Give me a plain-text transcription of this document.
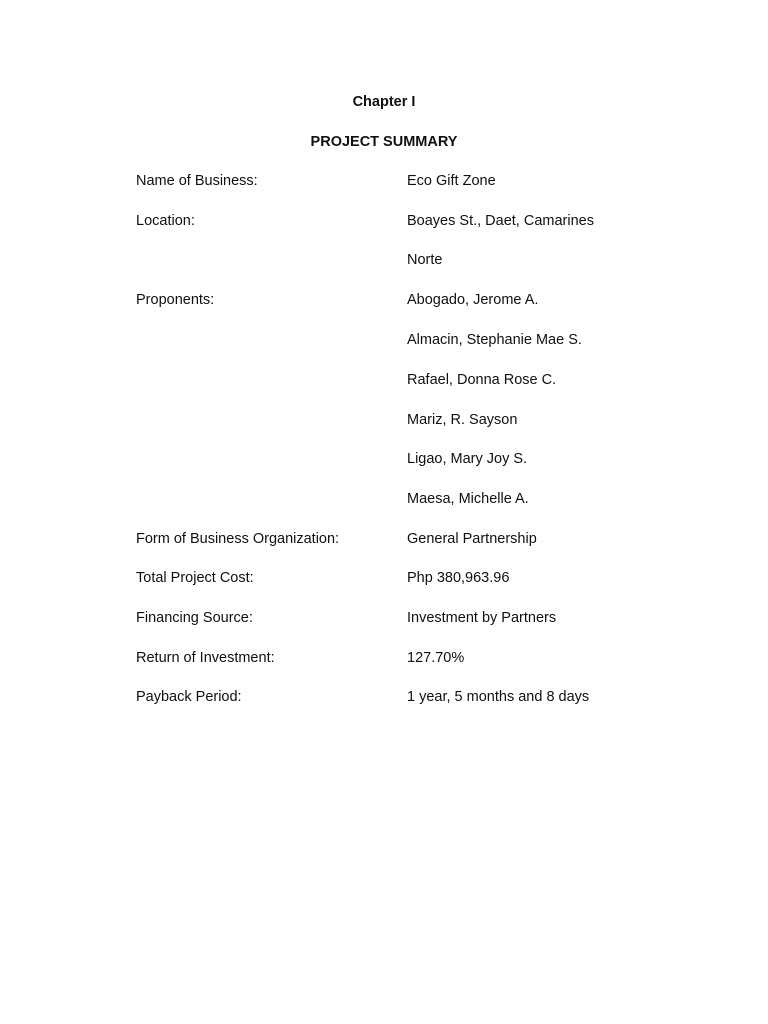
Chapter I
PROJECT SUMMARY
Name of Business:	Eco Gift Zone
Location:	Boayes St., Daet, Camarines
Norte
Proponents:	Abogado, Jerome A.
Almacin, Stephanie Mae S.
Rafael, Donna Rose C.
Mariz, R. Sayson
Ligao, Mary Joy S.
Maesa, Michelle A.
Form of Business Organization:	General Partnership
Total Project Cost:	Php 380,963.96
Financing Source:	Investment by Partners
Return of Investment:	127.70%
Payback Period:	1 year, 5 months and 8 days
